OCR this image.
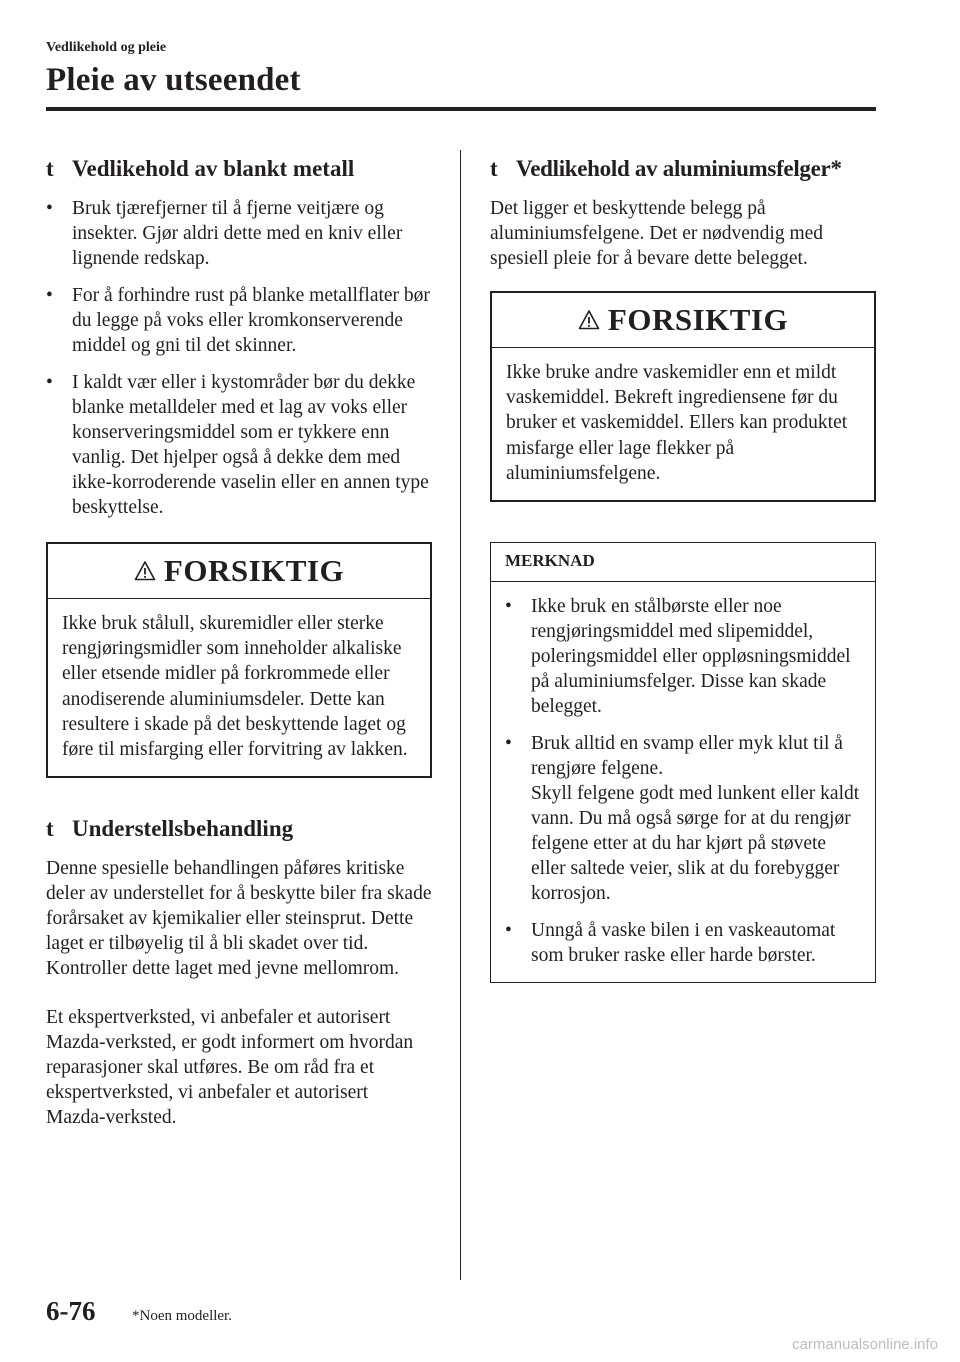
Vedlikehold og pleie
Pleie av utseendet
t Vedlikehold av blankt metall
• Bruk tjærefjerner til å fjerne veitjære og insekter. Gjør aldri dette med en kniv eller lignende redskap.
• For å forhindre rust på blanke metallflater bør du legge på voks eller kromkonserverende middel og gni til det skinner.
• I kaldt vær eller i kystområder bør du dekke blanke metalldeler med et lag av voks eller konserveringsmiddel som er tykkere enn vanlig. Det hjelper også å dekke dem med ikke-korroderende vaselin eller en annen type beskyttelse.
FORSIKTIG
Ikke bruk stålull, skuremidler eller sterke rengjøringsmidler som inneholder alkaliske eller etsende midler på forkrommede eller anodiserende aluminiumsdeler. Dette kan resultere i skade på det beskyttende laget og føre til misfarging eller forvitring av lakken.
t Understellsbehandling

Denne spesielle behandlingen påføres kritiske deler av understellet for å beskytte biler fra skade forårsaket av kjemikalier eller steinsprut. Dette laget er tilbøyelig til å bli skadet over tid. Kontroller dette laget med jevne mellomrom.

Et ekspertverksted, vi anbefaler et autorisert Mazda-verksted, er godt informert om hvordan reparasjoner skal utføres. Be om råd fra et ekspertverksted, vi anbefaler et autorisert Mazda-verksted.

t Vedlikehold av aluminiumsfelger*

Det ligger et beskyttende belegg på aluminiumsfelgene. Det er nødvendig med spesiell pleie for å bevare dette belegget.

FORSIKTIG
Ikke bruke andre vaskemidler enn et mildt vaskemiddel. Bekreft ingrediensene før du bruker et vaskemiddel. Ellers kan produktet misfarge eller lage flekker på aluminiumsfelgene.
MERKNAD
• Ikke bruk en stålbørste eller noe rengjøringsmiddel med slipemiddel, poleringsmiddel eller oppløsningsmiddel på aluminiumsfelger. Disse kan skade belegget.
• Bruk alltid en svamp eller myk klut til å rengjøre felgene.
Skyll felgene godt med lunkent eller kaldt vann. Du må også sørge for at du rengjør felgene etter at du har kjørt på støvete eller saltede veier, slik at du forebygger korrosjon.
• Unngå å vaske bilen i en vaskeautomat som bruker raske eller harde børster.
6-76 *Noen modeller.
carmanualsonline.info
